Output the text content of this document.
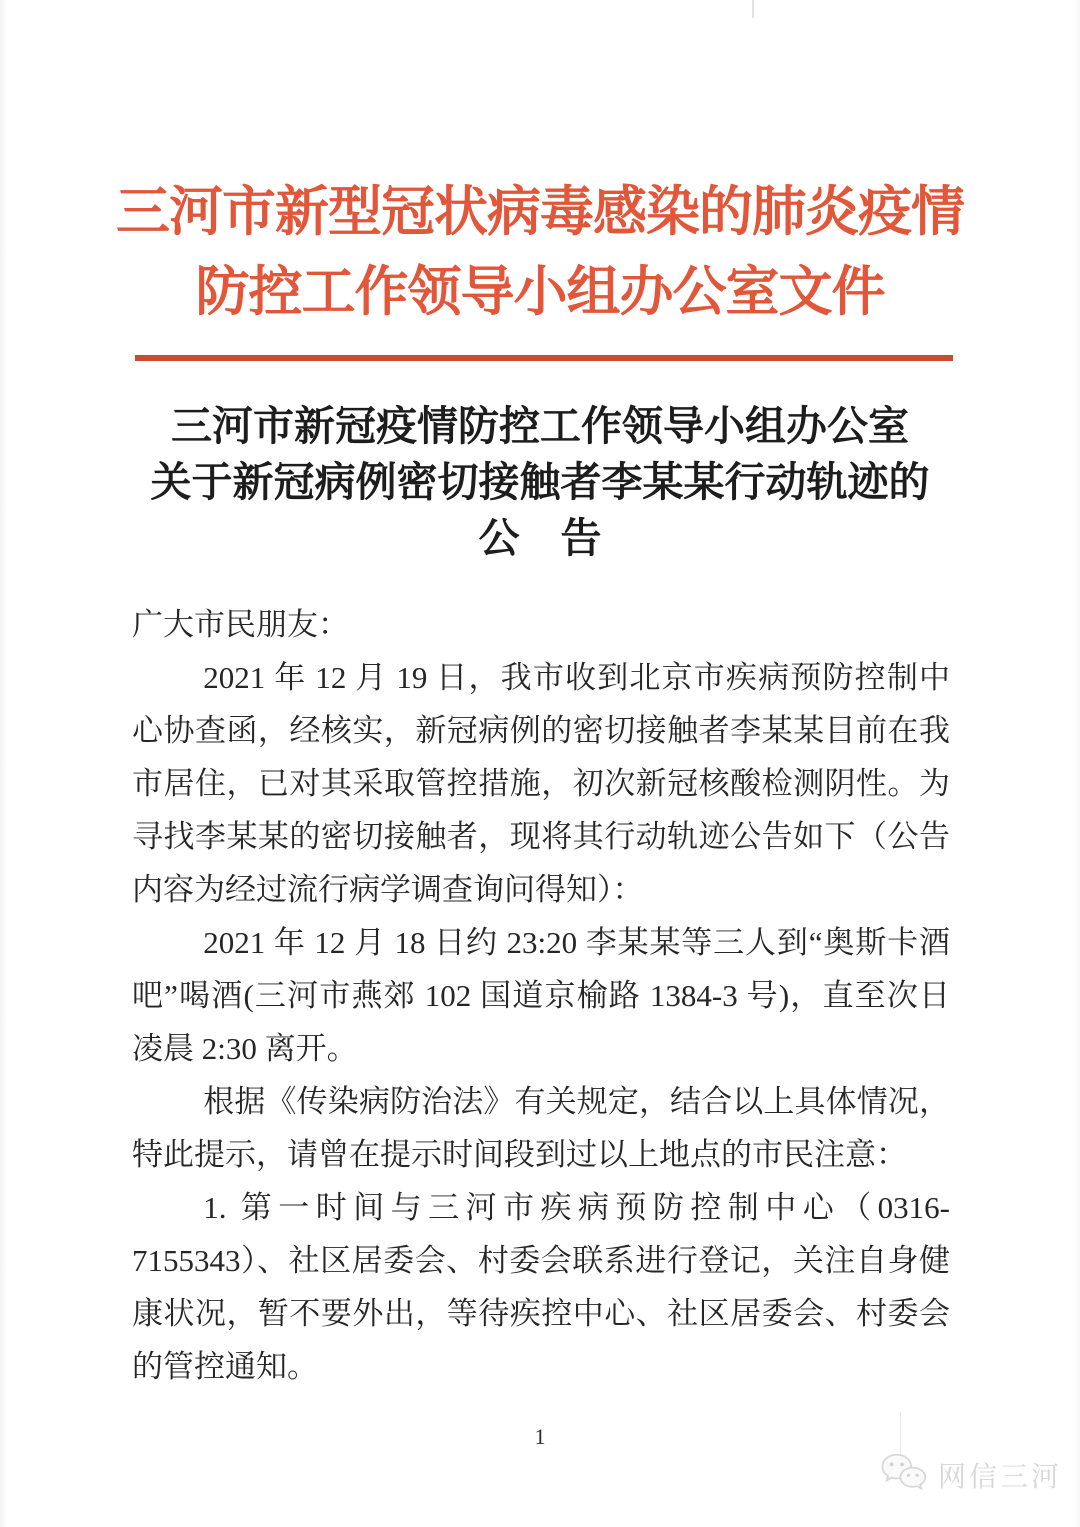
三河市新型冠状病毒感染的肺炎疫情
防控工作领导小组办公室文件
三河市新冠疫情防控工作领导小组办公室
关于新冠病例密切接触者李某某行动轨迹的
公　告

广大市民朋友：

2021 年 12 月 19 日，我市收到北京市疾病预防控制中心协查函，经核实，新冠病例的密切接触者李某某目前在我市居住，已对其采取管控措施，初次新冠核酸检测阴性。为寻找李某某的密切接触者，现将其行动轨迹公告如下（公告内容为经过流行病学调查询问得知）：

2021 年 12 月 18 日约 23:20 李某某等三人到“奥斯卡酒吧”喝酒(三河市燕郊 102 国道京榆路 1384-3 号)，直至次日凌晨 2:30 离开。

根据《传染病防治法》有关规定，结合以上具体情况，特此提示，请曾在提示时间段到过以上地点的市民注意：

1. 第一时间与三河市疾病预防控制中心（0316-7155343）、社区居委会、村委会联系进行登记，关注自身健康状况，暂不要外出，等待疾控中心、社区居委会、村委会的管控通知。

1
网信三河
